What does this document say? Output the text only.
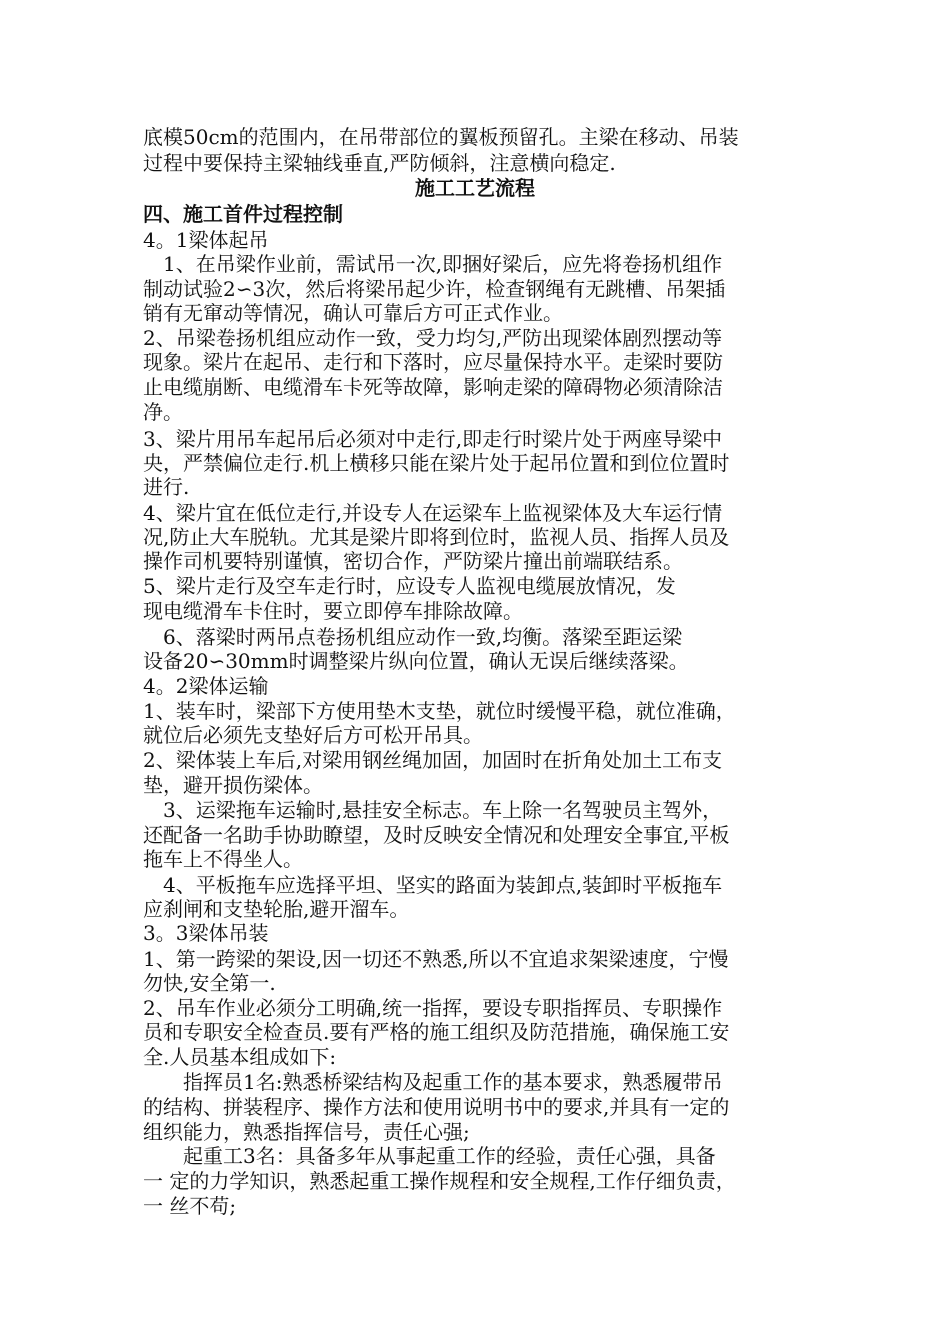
底模50cm的范围内，在吊带部位的翼板预留孔。主梁在移动、吊装
过程中要保持主梁轴线垂直,严防倾斜，注意横向稳定.
施工工艺流程
四、施工首件过程控制
4。1梁体起吊
　1、在吊梁作业前，需试吊一次,即捆好梁后，应先将卷扬机组作
制动试验2∽3次，然后将梁吊起少许，检查钢绳有无跳槽、吊架插
销有无窜动等情况，确认可靠后方可正式作业。
2、吊梁卷扬机组应动作一致，受力均匀,严防出现梁体剧烈摆动等
现象。梁片在起吊、走行和下落时，应尽量保持水平。走梁时要防
止电缆崩断、电缆滑车卡死等故障，影响走梁的障碍物必须清除洁
净。
3、梁片用吊车起吊后必须对中走行,即走行时梁片处于两座导梁中
央，严禁偏位走行.机上横移只能在梁片处于起吊位置和到位位置时
进行.
4、梁片宜在低位走行,并设专人在运梁车上监视梁体及大车运行情
况,防止大车脱轨。尤其是梁片即将到位时，监视人员、指挥人员及
操作司机要特别谨慎，密切合作，严防梁片撞出前端联结系。
5、梁片走行及空车走行时，应设专人监视电缆展放情况，发
现电缆滑车卡住时，要立即停车排除故障。
　6、落梁时两吊点卷扬机组应动作一致,均衡。落梁至距运梁
设备20∽30mm时调整梁片纵向位置，确认无误后继续落梁。
4。2梁体运输
1、装车时，梁部下方使用垫木支垫，就位时缓慢平稳，就位准确，
就位后必须先支垫好后方可松开吊具。
2、梁体装上车后,对梁用钢丝绳加固，加固时在折角处加土工布支
垫，避开损伤梁体。
　3、运梁拖车运输时,悬挂安全标志。车上除一名驾驶员主驾外，
还配备一名助手协助瞭望，及时反映安全情况和处理安全事宜,平板
拖车上不得坐人。
　4、平板拖车应选择平坦、坚实的路面为装卸点,装卸时平板拖车
应刹闸和支垫轮胎,避开溜车。
3。3梁体吊装
1、第一跨梁的架设,因一切还不熟悉,所以不宜追求架梁速度，宁慢
勿快,安全第一.
2、吊车作业必须分工明确,统一指挥，要设专职指挥员、专职操作
员和专职安全检查员.要有严格的施工组织及防范措施，确保施工安
全.人员基本组成如下:
　　指挥员1名:熟悉桥梁结构及起重工作的基本要求，熟悉履带吊
的结构、拼装程序、操作方法和使用说明书中的要求,并具有一定的
组织能力，熟悉指挥信号，责任心强;
　　起重工3名：具备多年从事起重工作的经验，责任心强，具备
一 定的力学知识，熟悉起重工操作规程和安全规程,工作仔细负责，
一 丝不苟;
